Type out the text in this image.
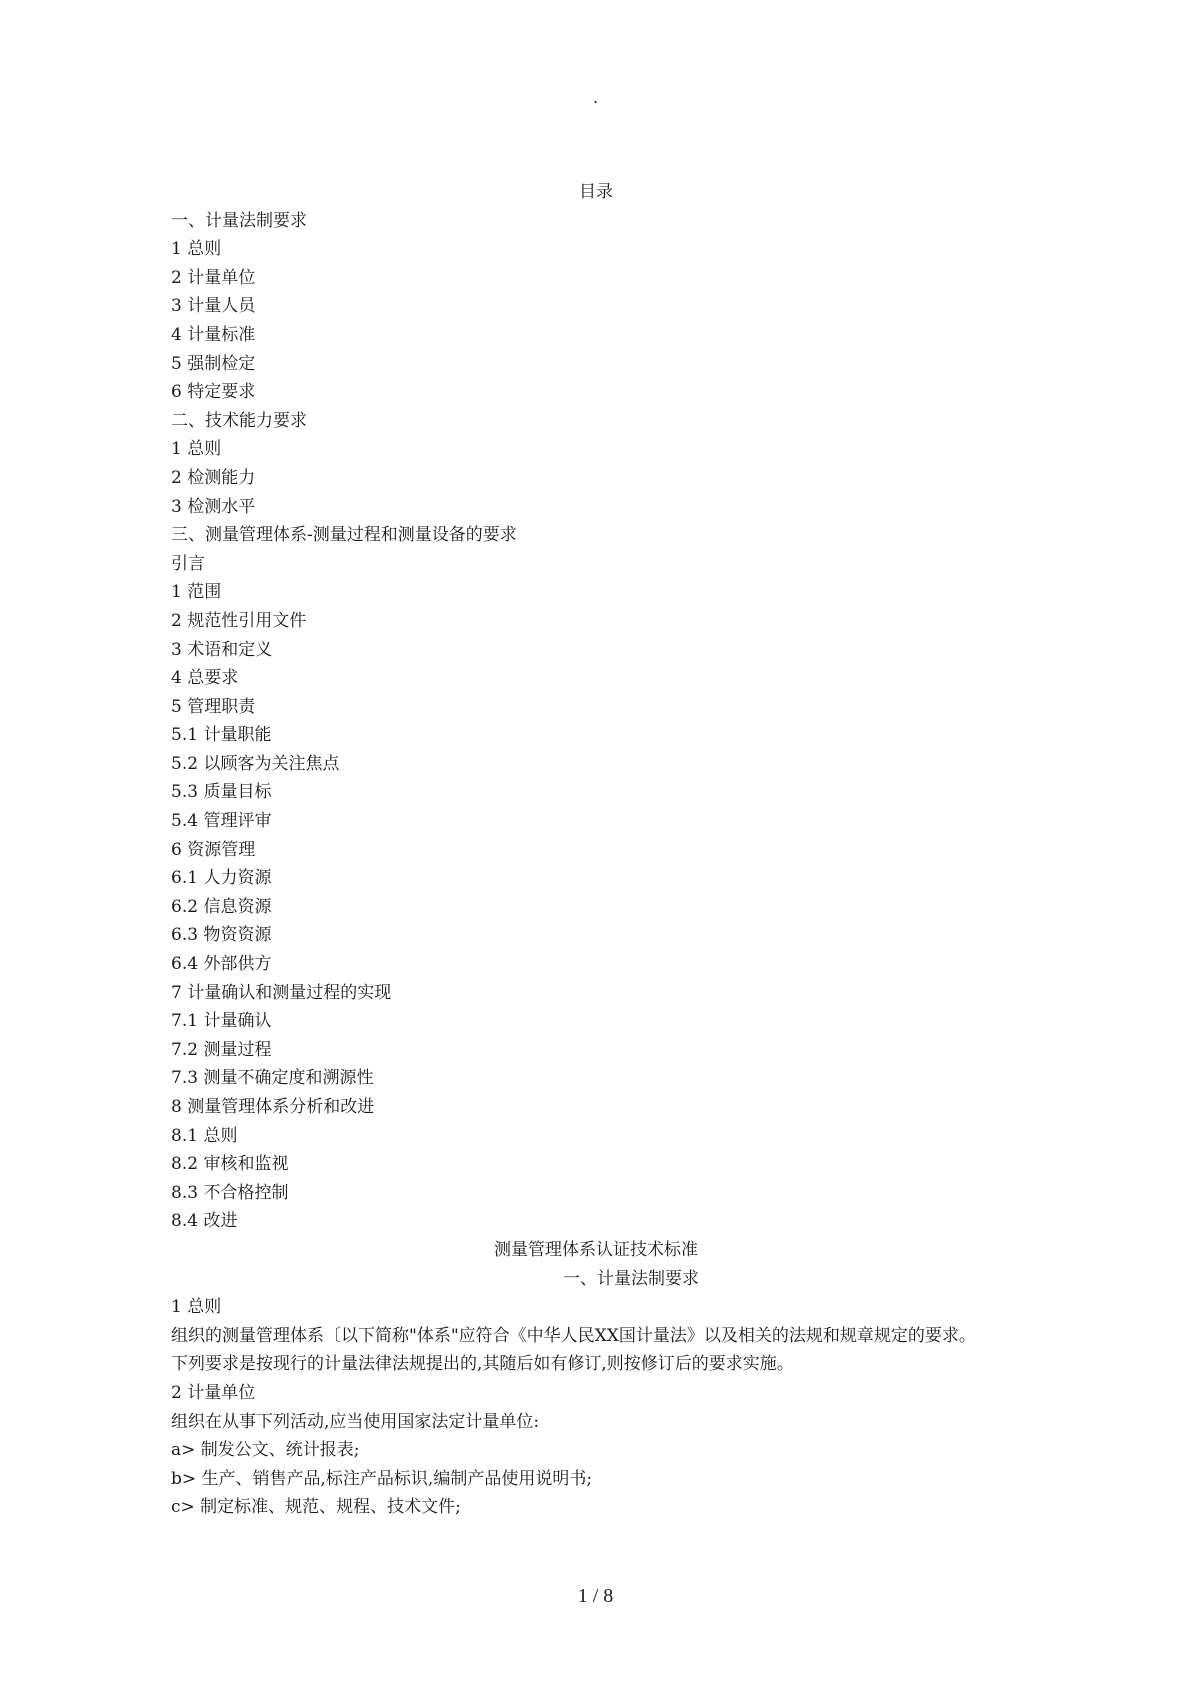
.
目录
一、计量法制要求
1 总则
2 计量单位
3 计量人员
4 计量标准
5 强制检定
6 特定要求
二、技术能力要求
1 总则
2 检测能力
3 检测水平
三、测量管理体系-测量过程和测量设备的要求
引言
1 范围
2 规范性引用文件
3 术语和定义
4 总要求
5 管理职责
5.1 计量职能
5.2 以顾客为关注焦点
5.3 质量目标
5.4 管理评审
6 资源管理
6.1 人力资源
6.2 信息资源
6.3 物资资源
6.4 外部供方
7 计量确认和测量过程的实现
7.1 计量确认
7.2 测量过程
7.3 测量不确定度和溯源性
8 测量管理体系分析和改进
8.1 总则
8.2 审核和监视
8.3 不合格控制
8.4 改进
测量管理体系认证技术标准
一、计量法制要求
1 总则
组织的测量管理体系〔以下简称"体系"应符合《中华人民XX国计量法》以及相关的法规和规章规定的要求。
下列要求是按现行的计量法律法规提出的,其随后如有修订,则按修订后的要求实施。
2 计量单位
组织在从事下列活动,应当使用国家法定计量单位:
a> 制发公文、统计报表;
b> 生产、销售产品,标注产品标识,编制产品使用说明书;
c> 制定标准、规范、规程、技术文件;
1 / 8
